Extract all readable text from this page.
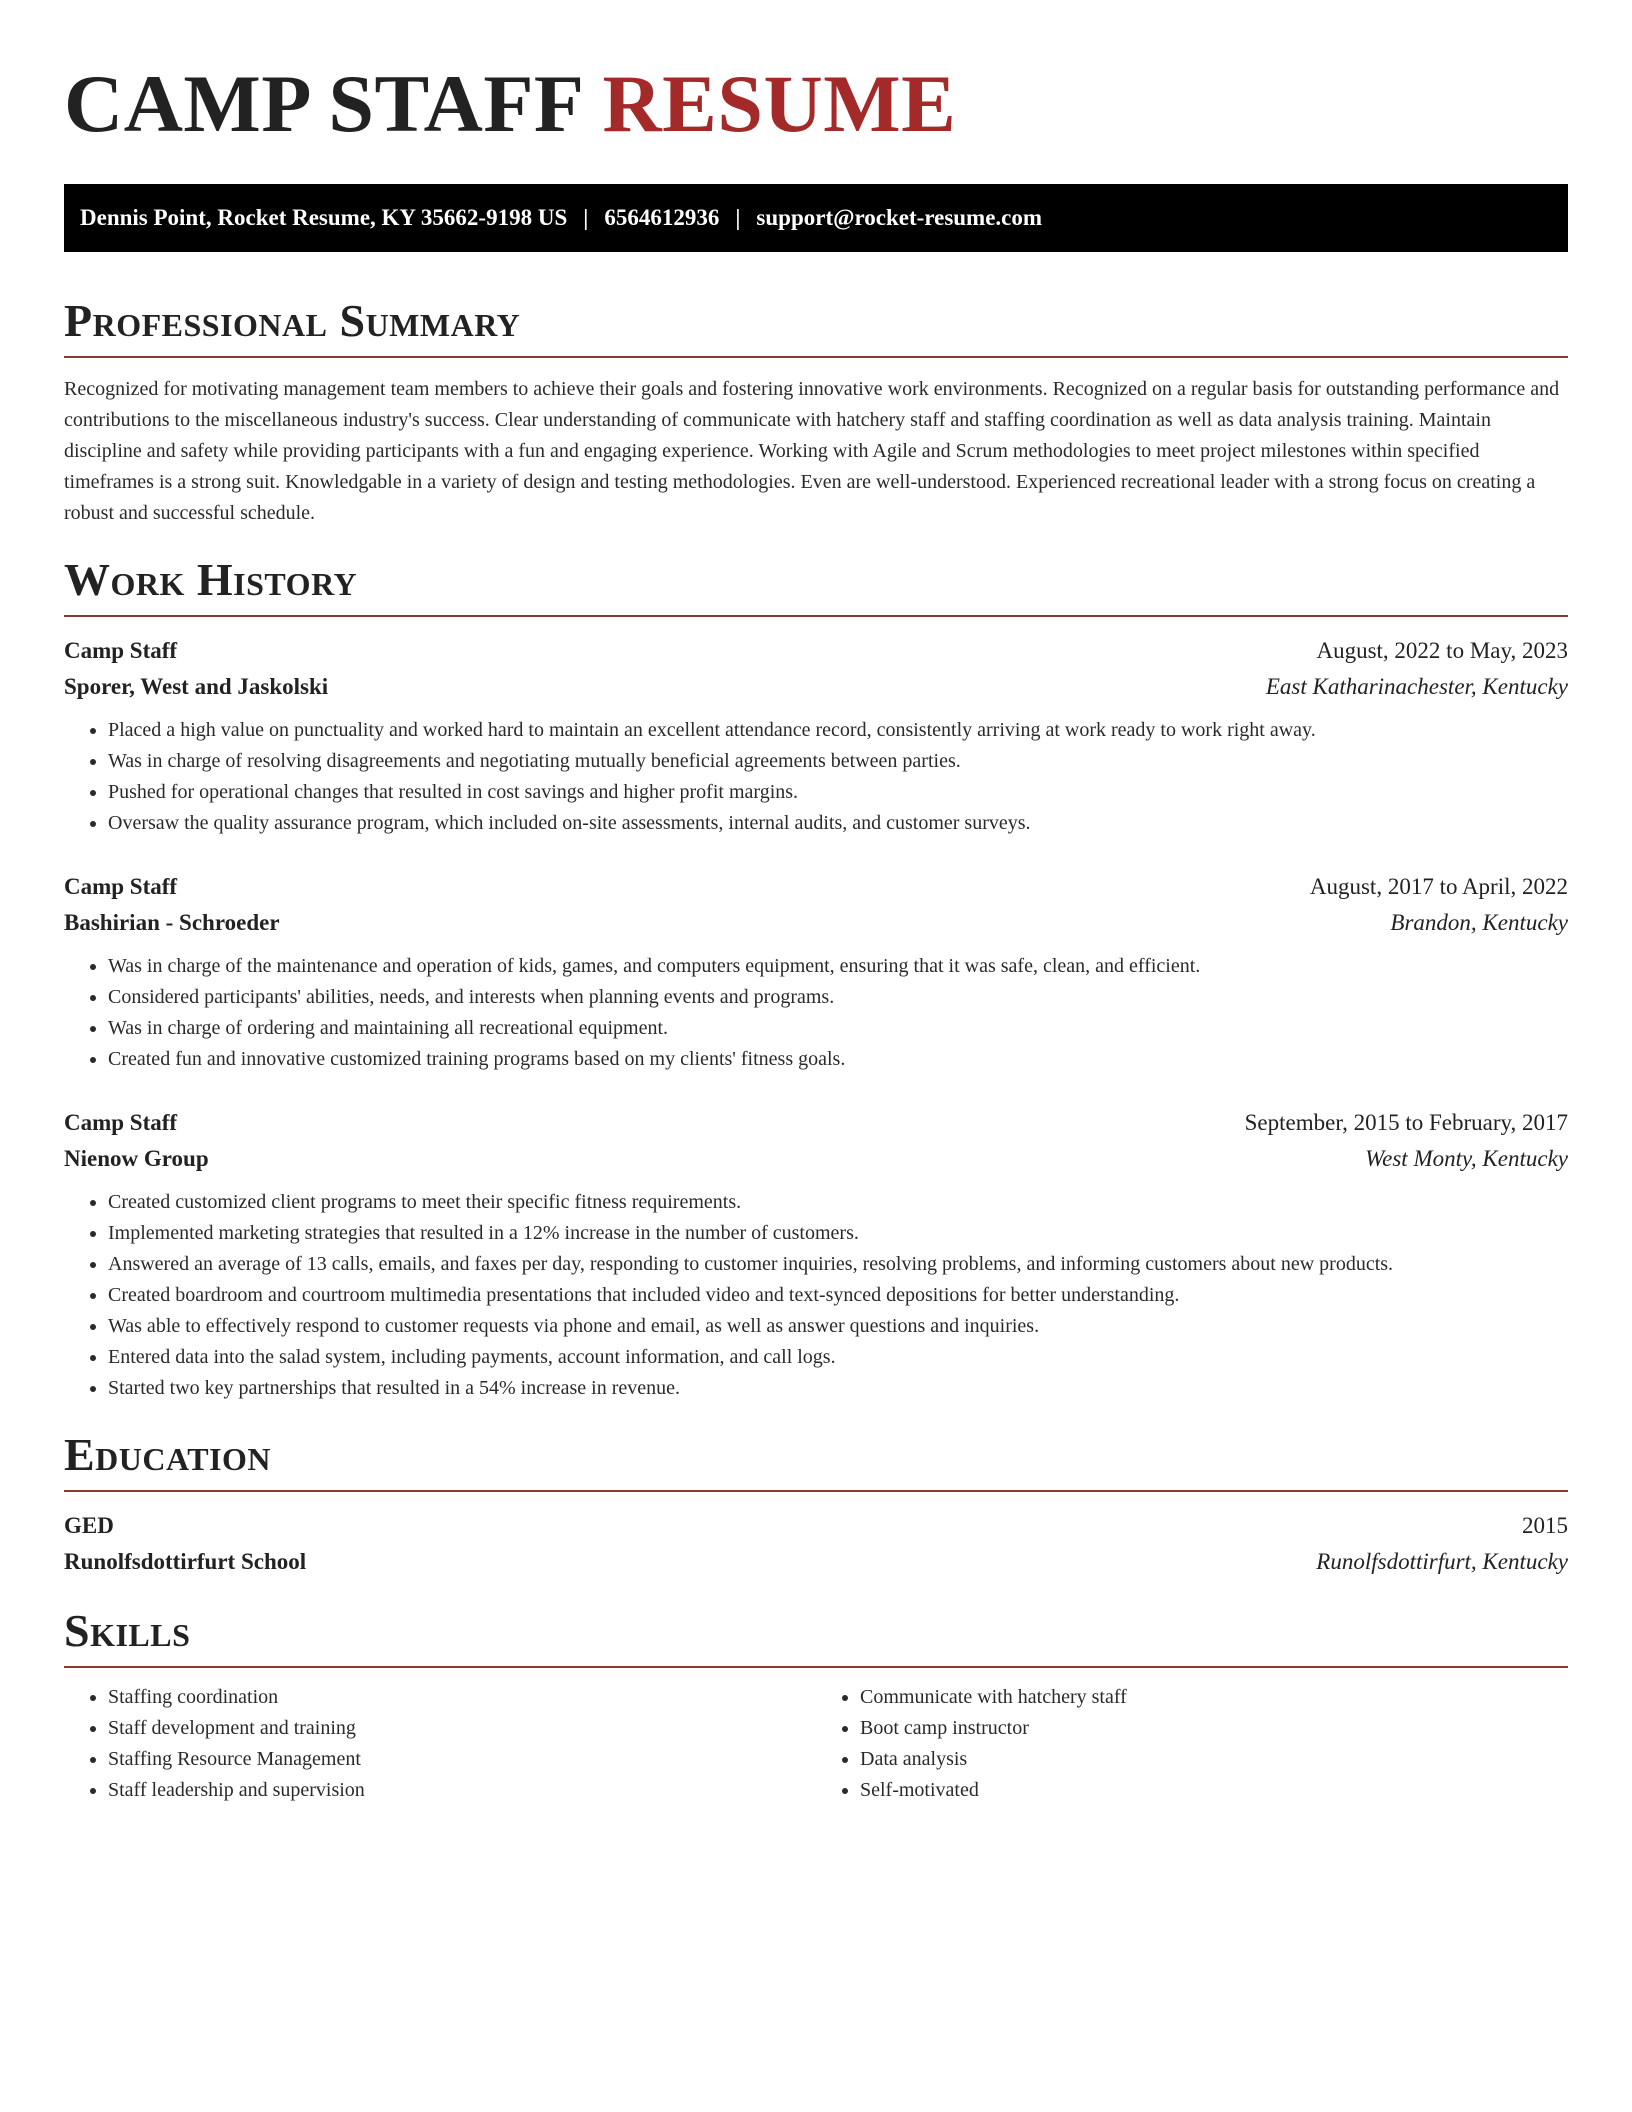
CAMP STAFF RESUME
Dennis Point, Rocket Resume, KY 35662-9198 US | 6564612936 | support@rocket-resume.com
Professional Summary
Recognized for motivating management team members to achieve their goals and fostering innovative work environments. Recognized on a regular basis for outstanding performance and contributions to the miscellaneous industry's success. Clear understanding of communicate with hatchery staff and staffing coordination as well as data analysis training. Maintain discipline and safety while providing participants with a fun and engaging experience. Working with Agile and Scrum methodologies to meet project milestones within specified timeframes is a strong suit. Knowledgable in a variety of design and testing methodologies. Even are well-understood. Experienced recreational leader with a strong focus on creating a robust and successful schedule.
Work History
Camp Staff	August, 2022 to May, 2023
Sporer, West and Jaskolski	East Katharinachester, Kentucky
• Placed a high value on punctuality and worked hard to maintain an excellent attendance record, consistently arriving at work ready to work right away.
• Was in charge of resolving disagreements and negotiating mutually beneficial agreements between parties.
• Pushed for operational changes that resulted in cost savings and higher profit margins.
• Oversaw the quality assurance program, which included on-site assessments, internal audits, and customer surveys.
Camp Staff	August, 2017 to April, 2022
Bashirian - Schroeder	Brandon, Kentucky
• Was in charge of the maintenance and operation of kids, games, and computers equipment, ensuring that it was safe, clean, and efficient.
• Considered participants' abilities, needs, and interests when planning events and programs.
• Was in charge of ordering and maintaining all recreational equipment.
• Created fun and innovative customized training programs based on my clients' fitness goals.
Camp Staff	September, 2015 to February, 2017
Nienow Group	West Monty, Kentucky
• Created customized client programs to meet their specific fitness requirements.
• Implemented marketing strategies that resulted in a 12% increase in the number of customers.
• Answered an average of 13 calls, emails, and faxes per day, responding to customer inquiries, resolving problems, and informing customers about new products.
• Created boardroom and courtroom multimedia presentations that included video and text-synced depositions for better understanding.
• Was able to effectively respond to customer requests via phone and email, as well as answer questions and inquiries.
• Entered data into the salad system, including payments, account information, and call logs.
• Started two key partnerships that resulted in a 54% increase in revenue.
Education
GED	2015
Runolfsdottirfurt School	Runolfsdottirfurt, Kentucky
Skills
• Staffing coordination
• Staff development and training
• Staffing Resource Management
• Staff leadership and supervision
• Communicate with hatchery staff
• Boot camp instructor
• Data analysis
• Self-motivated
